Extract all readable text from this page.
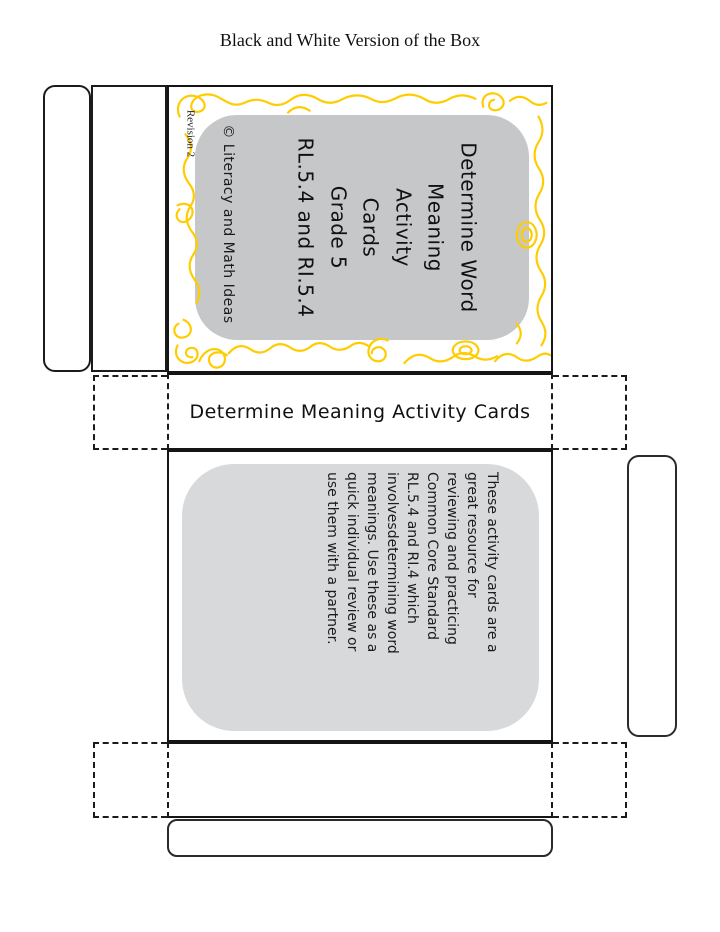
Black and White Version of the Box
Revision 2	© Literacy and Math Ideas	Determine Word
Meaning
Activity
Cards
Grade 5
RL.5.4 and RI.5.4
Determine Meaning Activity Cards
These activity cards are a
great resource for
reviewing and practicing
Common Core Standard
RL.5.4 and RI.4 which
involvesdetermining word
meanings. Use these as a
quick individual review or
use them with a partner.
